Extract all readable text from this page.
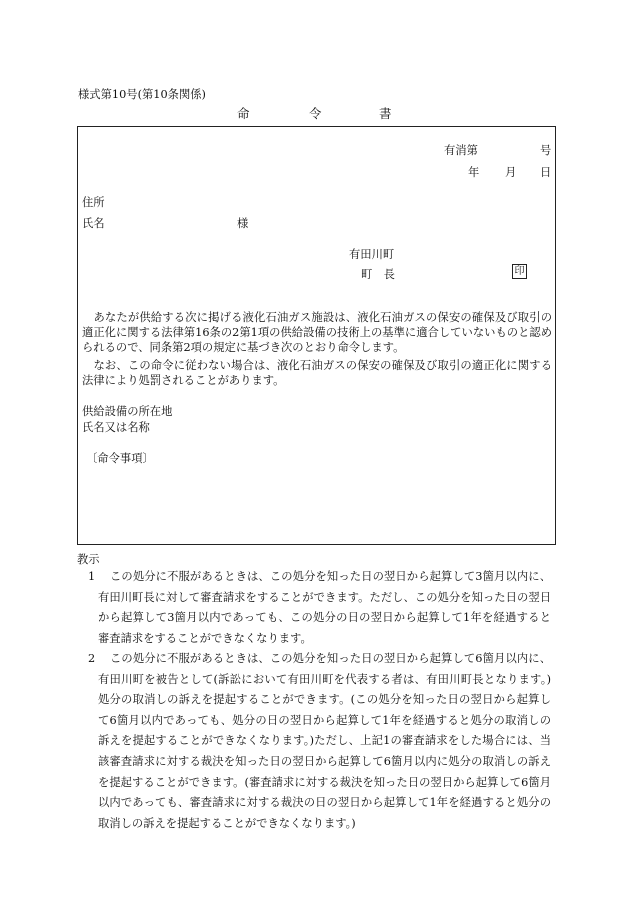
様式第10号(第10条関係)
命	令	書
有消第	号
年 月 日
住所
氏名	様
有田川町
町　長	印
　あなたが供給する次に掲げる液化石油ガス施設は、液化石油ガスの保安の確保及び取引の適正化に関する法律第16条の2第1項の供給設備の技術上の基準に適合していないものと認められるので、同条第2項の規定に基づき次のとおり命令します。
　なお、この命令に従わない場合は、液化石油ガスの保安の確保及び取引の適正化に関する法律により処罰されることがあります。
供給設備の所在地
氏名又は名称
〔命令事項〕
教示
1	この処分に不服があるときは、この処分を知った日の翌日から起算して3箇月以内に、有田川町長に対して審査請求をすることができます。ただし、この処分を知った日の翌日から起算して3箇月以内であっても、この処分の日の翌日から起算して1年を経過すると審査請求をすることができなくなります。
2	この処分に不服があるときは、この処分を知った日の翌日から起算して6箇月以内に、有田川町を被告として(訴訟において有田川町を代表する者は、有田川町長となります。)処分の取消しの訴えを提起することができます。(この処分を知った日の翌日から起算して6箇月以内であっても、処分の日の翌日から起算して1年を経過すると処分の取消しの訴えを提起することができなくなります。)ただし、上記1の審査請求をした場合には、当該審査請求に対する裁決を知った日の翌日から起算して6箇月以内に処分の取消しの訴えを提起することができます。(審査請求に対する裁決を知った日の翌日から起算して6箇月以内であっても、審査請求に対する裁決の日の翌日から起算して1年を経過すると処分の取消しの訴えを提起することができなくなります。)
